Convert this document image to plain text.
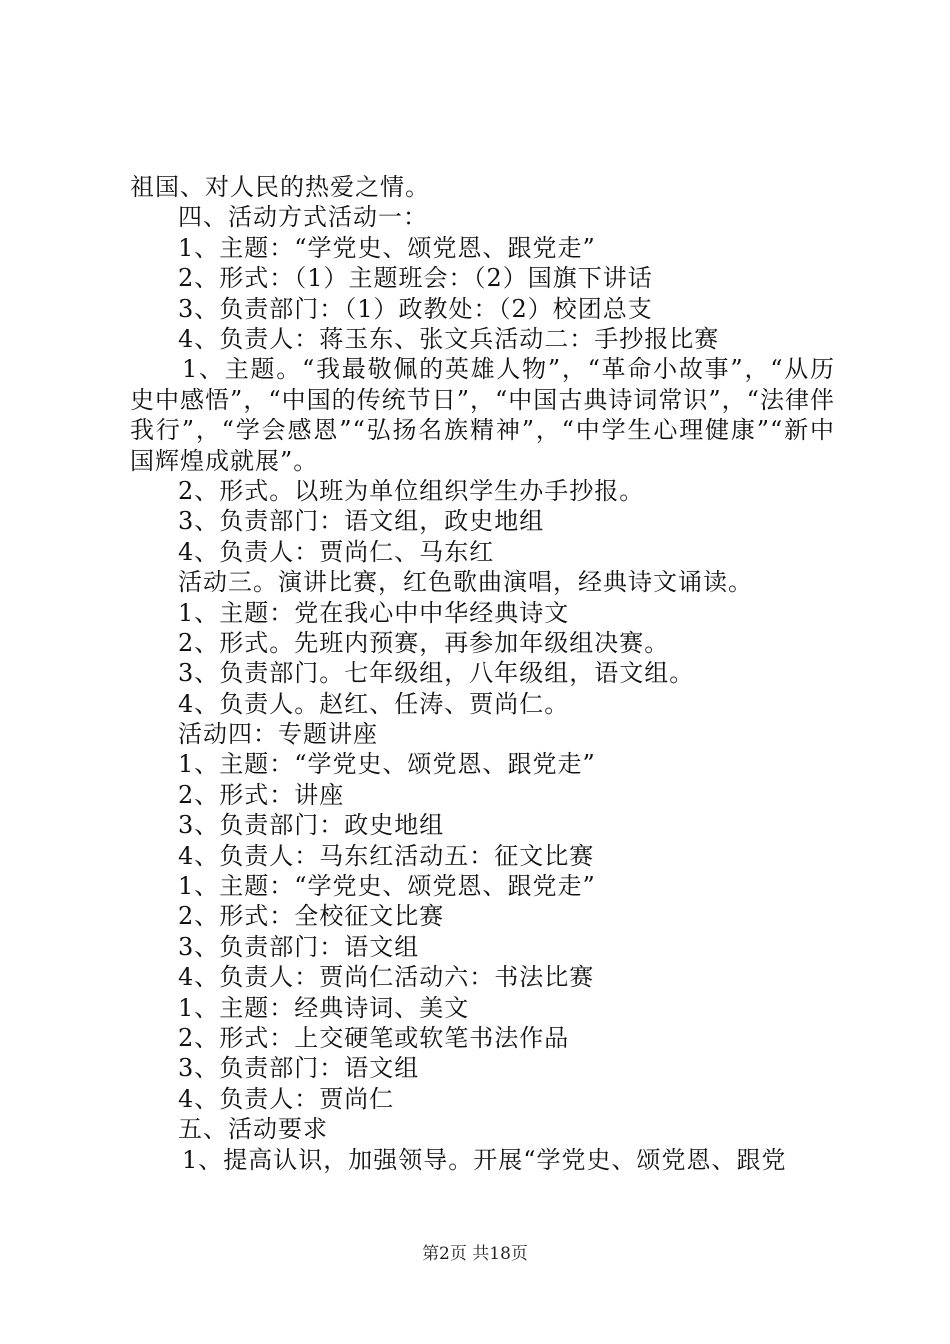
祖国、对人民的热爱之情。
四、活动方式活动一：
1、主题：“学党史、颂党恩、跟党走”
2、形式：（1）主题班会：（2）国旗下讲话
3、负责部门：（1）政教处：（2）校团总支
4、负责人：蒋玉东、张文兵活动二：手抄报比赛
1、主题。“我最敬佩的英雄人物”，“革命小故事”，“从历史中感悟”，“中国的传统节日”，“中国古典诗词常识”，“法律伴我行”，“学会感恩”“弘扬名族精神”，“中学生心理健康”“新中国辉煌成就展”。
2、形式。以班为单位组织学生办手抄报。
3、负责部门：语文组，政史地组
4、负责人：贾尚仁、马东红
活动三。演讲比赛，红色歌曲演唱，经典诗文诵读。
1、主题：党在我心中中华经典诗文
2、形式。先班内预赛，再参加年级组决赛。
3、负责部门。七年级组，八年级组，语文组。
4、负责人。赵红、任涛、贾尚仁。
活动四：专题讲座
1、主题：“学党史、颂党恩、跟党走”
2、形式：讲座
3、负责部门：政史地组
4、负责人：马东红活动五：征文比赛
1、主题：“学党史、颂党恩、跟党走”
2、形式：全校征文比赛
3、负责部门：语文组
4、负责人：贾尚仁活动六：书法比赛
1、主题：经典诗词、美文
2、形式：上交硬笔或软笔书法作品
3、负责部门：语文组
4、负责人：贾尚仁
五、活动要求
1、提高认识，加强领导。开展“学党史、颂党恩、跟党
第2页 共18页
